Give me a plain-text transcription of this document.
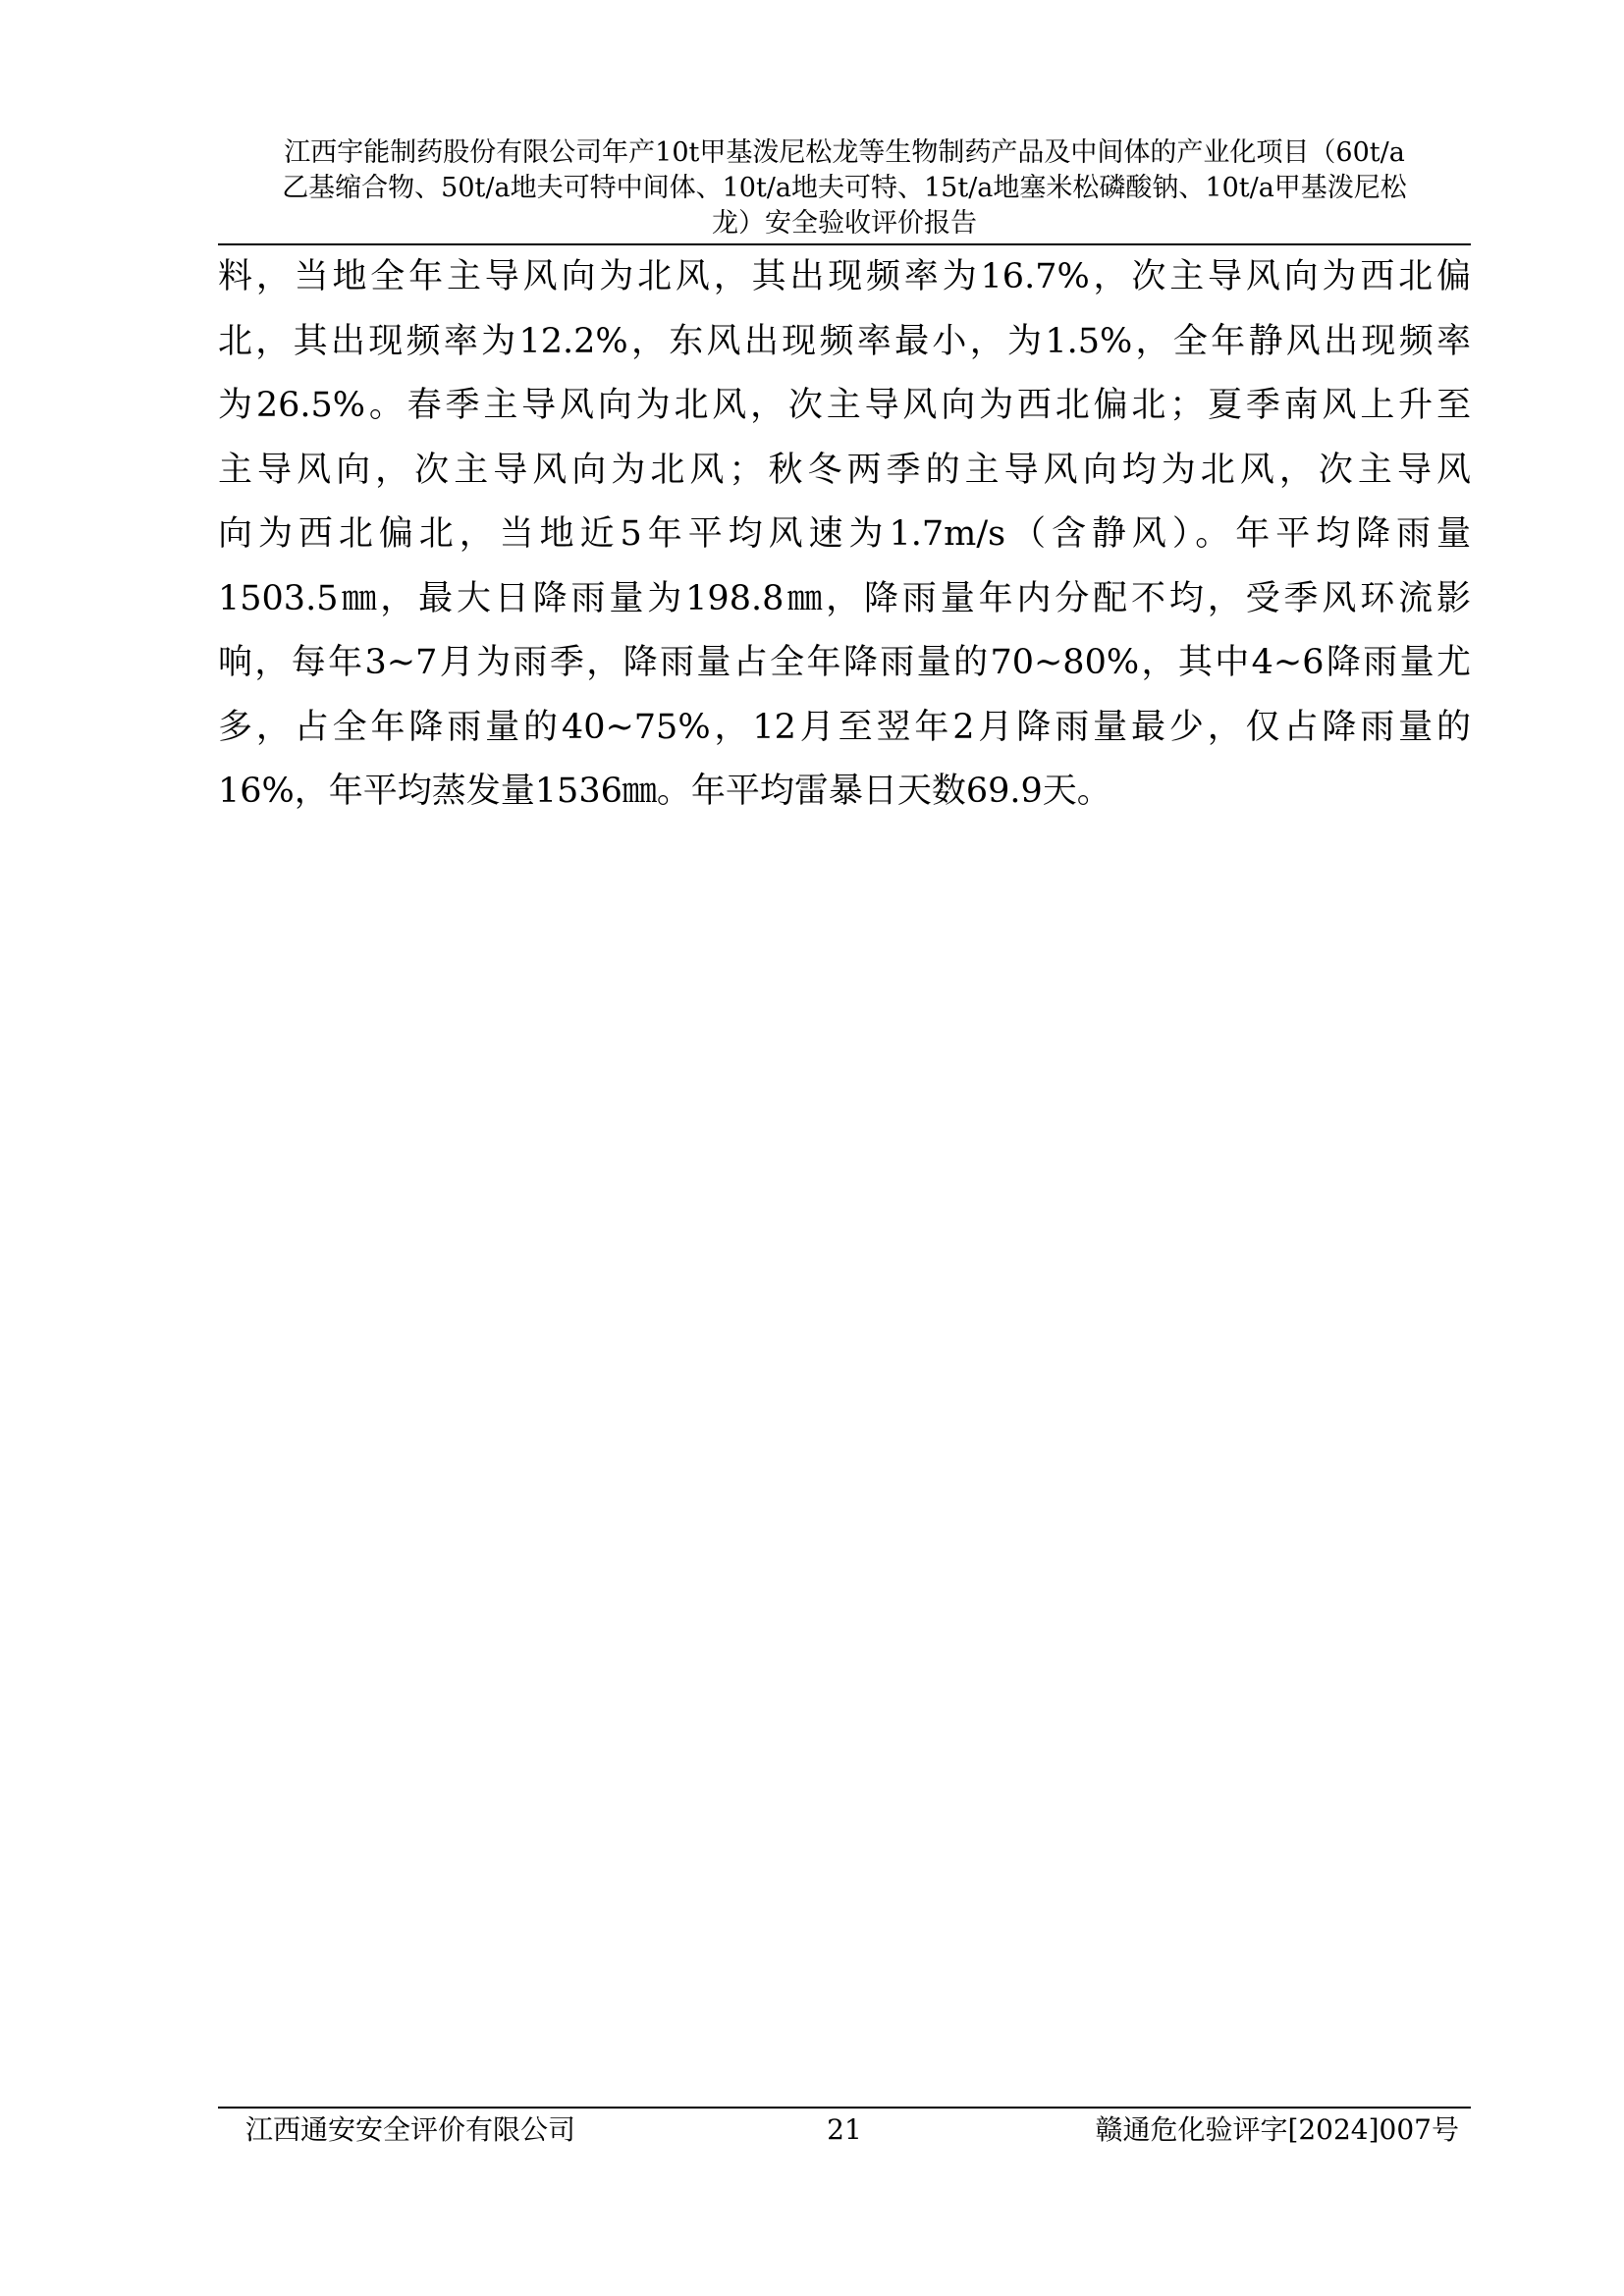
江西宇能制药股份有限公司年产10t甲基泼尼松龙等生物制药产品及中间体的产业化项目（60t/a
乙基缩合物、50t/a地夫可特中间体、10t/a地夫可特、15t/a地塞米松磷酸钠、10t/a甲基泼尼松
龙）安全验收评价报告
料，当地全年主导风向为北风，其出现频率为16.7%，次主导风向为西北偏
北，其出现频率为12.2%，东风出现频率最小，为1.5%，全年静风出现频率
为26.5%。春季主导风向为北风，次主导风向为西北偏北；夏季南风上升至
主导风向，次主导风向为北风；秋冬两季的主导风向均为北风，次主导风
向为西北偏北，当地近5年平均风速为1.7m/s（含静风）。年平均降雨量
1503.5㎜，最大日降雨量为198.8㎜，降雨量年内分配不均，受季风环流影
响，每年3~7月为雨季，降雨量占全年降雨量的70~80%，其中4~6降雨量尤
多，占全年降雨量的40~75%，12月至翌年2月降雨量最少，仅占降雨量的
16%，年平均蒸发量1536㎜。年平均雷暴日天数69.9天。
江西通安安全评价有限公司	21	赣通危化验评字[2024]007号
